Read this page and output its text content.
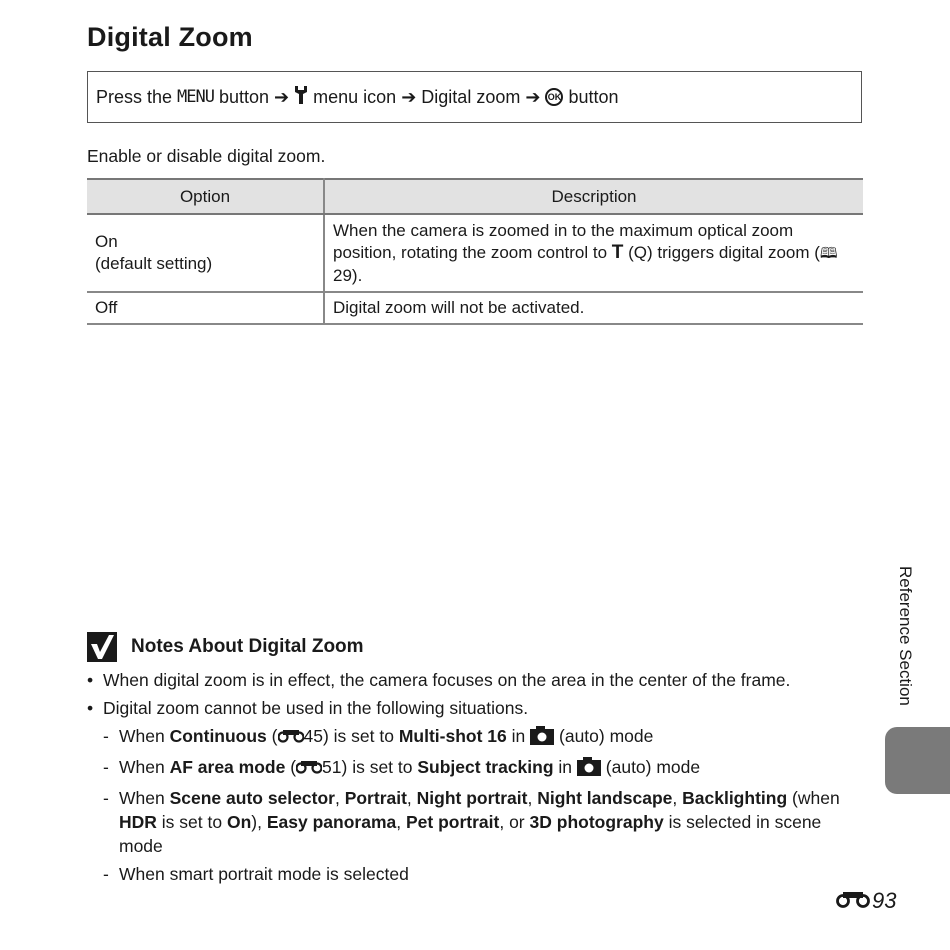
Digital Zoom
Press the MENU button ➔ menu icon ➔ Digital zoom ➔ OK button
Enable or disable digital zoom.
Option	Description

On
(default setting)	When the camera is zoomed in to the maximum optical zoom position, rotating the zoom control to T (Q) triggers digital zoom (🕮29).
Off	Digital zoom will not be activated.
Reference Section
Notes About Digital Zoom
• When digital zoom is in effect, the camera focuses on the area in the center of the frame.
• Digital zoom cannot be used in the following situations.
- When Continuous ( 45) is set to Multi-shot 16 in (auto) mode
- When AF area mode ( 51) is set to Subject tracking in (auto) mode
- When Scene auto selector, Portrait, Night portrait, Night landscape, Backlighting (when HDR is set to On), Easy panorama, Pet portrait, or 3D photography is selected in scene mode
- When smart portrait mode is selected
93
